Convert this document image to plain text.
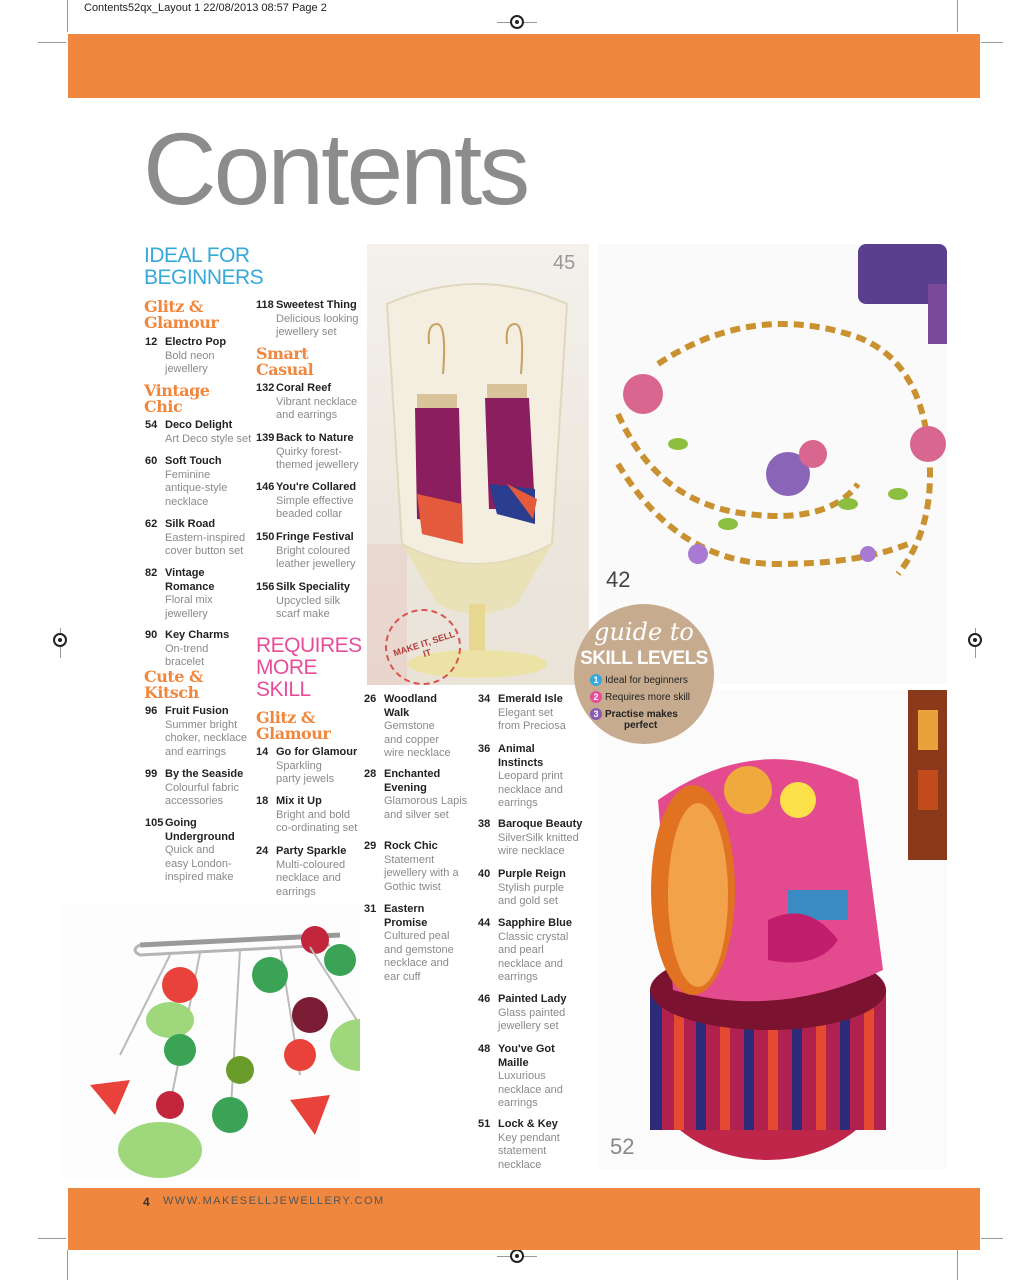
Contents52qx_Layout 1 22/08/2013 08:57 Page 2
Contents
IDEAL FOR
BEGINNERS
Glitz &
Glamour
Vintage
Chic
Cute &
Kitsch
Smart
Casual
12 Electro Pop
Bold neon
jewellery
54 Deco Delight
Art Deco style set
60 Soft Touch
Feminine
antique-style
necklace
62 Silk Road
Eastern-inspired
cover button set
82 Vintage
Romance
Floral mix
jewellery
90 Key Charms
On-trend
bracelet
96 Fruit Fusion
Summer bright
choker, necklace
and earrings
99 By the Seaside
Colourful fabric
accessories
105 Going
Underground
Quick and
easy London-
inspired make
118 Sweetest Thing
Delicious looking
jewellery set
132 Coral Reef
Vibrant necklace
and earrings
139 Back to Nature
Quirky forest-
themed jewellery
146 You're Collared
Simple effective
beaded collar
150 Fringe Festival
Bright coloured
leather jewellery
156 Silk Speciality
Upcycled silk
scarf make
REQUIRES
MORE
SKILL
Glitz &
Glamour
14 Go for Glamour
Sparkling
party jewels
18 Mix it Up
Bright and bold
co-ordinating set
24 Party Sparkle
Multi-coloured
necklace and
earrings
26 Woodland
Walk
Gemstone
and copper
wire necklace
28 Enchanted
Evening
Glamorous Lapis
and silver set
29 Rock Chic
Statement
jewellery with a
Gothic twist
31 Eastern
Promise
Cultured peal
and gemstone
necklace and
ear cuff
34 Emerald Isle
Elegant set
from Preciosa
36 Animal
Instincts
Leopard print
necklace and
earrings
38 Baroque Beauty
SilverSilk knitted
wire necklace
40 Purple Reign
Stylish purple
and gold set
44 Sapphire Blue
Classic crystal
and pearl
necklace and
earrings
46 Painted Lady
Glass painted
jewellery set
48 You've Got
Maille
Luxurious
necklace and
earrings
51 Lock & Key
Key pendant
statement
necklace
45
MAKE IT, SELL IT
42
52
guide to
SKILL LEVELS
1 Ideal for beginners
2 Requires more skill
3 Practise makes
perfect
4 WWW.MAKESELLJEWELLERY.COM
